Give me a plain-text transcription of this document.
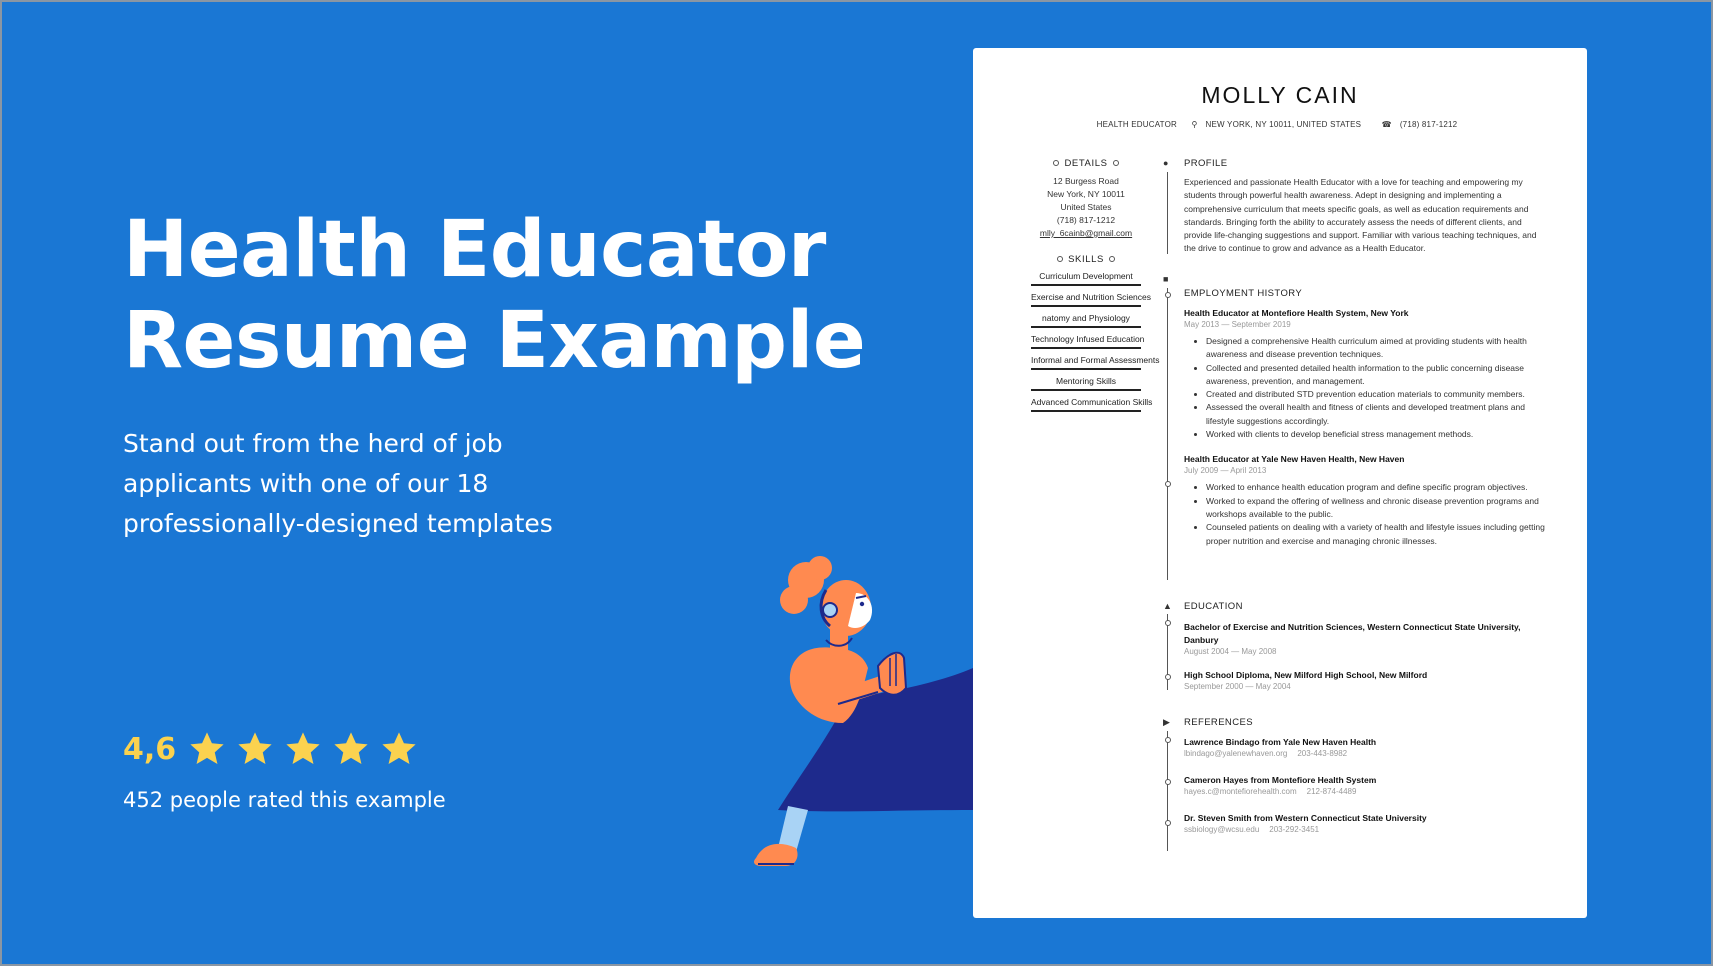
Health Educator
Resume Example
Stand out from the herd of job
applicants with one of our 18
professionally-designed templates
4,6
452 people rated this example
MOLLY CAIN
HEALTH EDUCATOR ⚲ NEW YORK, NY 10011, UNITED STATES	☎ (718) 817-1212
DETAILS
12 Burgess Road
New York, NY 10011
United States
(718) 817-1212
mlly_6cainb@gmail.com
SKILLS
Curriculum Development
Exercise and Nutrition Sciences
natomy and Physiology
Technology Infused Education
Informal and Formal Assessments
Mentoring Skills
Advanced Communication Skills
●
■
▲
▶
PROFILE
Experienced and passionate Health Educator with a love for teaching and empowering my students through powerful health awareness. Adept in designing and implementing a comprehensive curriculum that meets specific goals, as well as education requirements and standards. Bringing forth the ability to accurately assess the needs of different clients, and provide life-changing suggestions and support. Familiar with various teaching techniques, and the drive to continue to grow and advance as a Health Educator.
EMPLOYMENT HISTORY
Health Educator at Montefiore Health System, New York
May 2013 — September 2019
• Designed a comprehensive Health curriculum aimed at providing students with health awareness and disease prevention techniques.
• Collected and presented detailed health information to the public concerning disease awareness, prevention, and management.
• Created and distributed STD prevention education materials to community members.
• Assessed the overall health and fitness of clients and developed treatment plans and lifestyle suggestions accordingly.
• Worked with clients to develop beneficial stress management methods.
Health Educator at Yale New Haven Health, New Haven
July 2009 — April 2013
• Worked to enhance health education program and define specific program objectives.
• Worked to expand the offering of wellness and chronic disease prevention programs and workshops available to the public.
• Counseled patients on dealing with a variety of health and lifestyle issues including getting proper nutrition and exercise and managing chronic illnesses.
EDUCATION
Bachelor of Exercise and Nutrition Sciences, Western Connecticut State University, Danbury
August 2004 — May 2008
High School Diploma, New Milford High School, New Milford
September 2000 — May 2004
REFERENCES
Lawrence Bindago from Yale New Haven Health
lbindago@yalenewhaven.org 203-443-8982
Cameron Hayes from Montefiore Health System
hayes.c@montefiorehealth.com 212-874-4489
Dr. Steven Smith from Western Connecticut State University
ssbiology@wcsu.edu 203-292-3451
